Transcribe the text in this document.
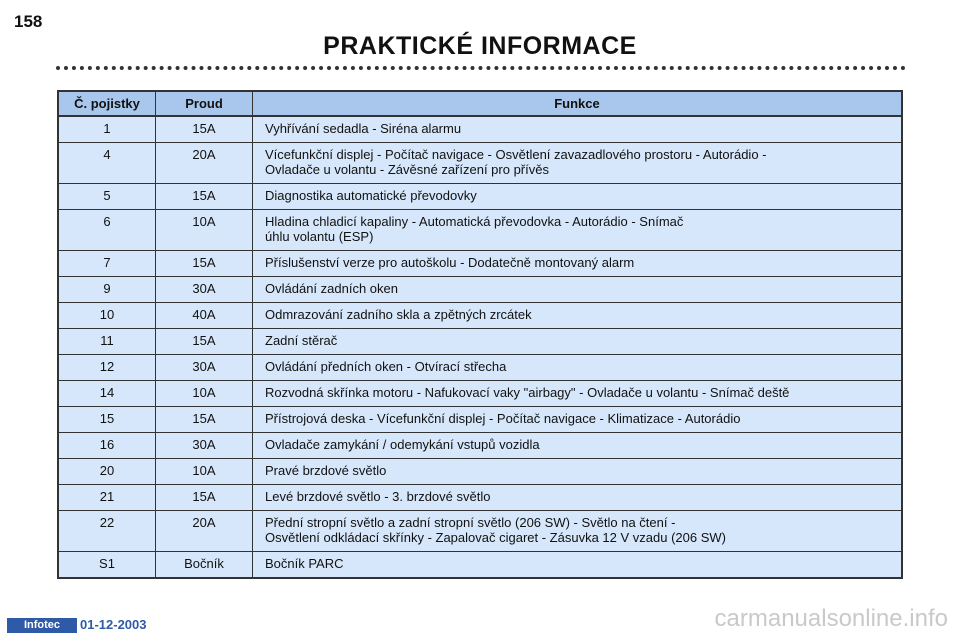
158
PRAKTICKÉ INFORMACE
Č. pojistky	Proud	Funkce
1	15A	Vyhřívání sedadla - Siréna alarmu

4	20A	Vícefunkční displej - Počítač navigace - Osvětlení zavazadlového prostoru - Autorádio -
Ovladače u volantu - Závěsné zařízení pro přívěs

5	15A	Diagnostika automatické převodovky

6	10A	Hladina chladicí kapaliny - Automatická převodovka - Autorádio - Snímač
úhlu volantu (ESP)

7	15A	Příslušenství verze pro autoškolu - Dodatečně montovaný alarm

9	30A	Ovládání zadních oken

10	40A	Odmrazování zadního skla a zpětných zrcátek

11	15A	Zadní stěrač

12	30A	Ovládání předních oken - Otvírací střecha

14	10A	Rozvodná skřínka motoru - Nafukovací vaky "airbagy" - Ovladače u volantu - Snímač deště

15	15A	Přístrojová deska - Vícefunkční displej - Počítač navigace - Klimatizace - Autorádio

16	30A	Ovladače zamykání / odemykání vstupů vozidla

20	10A	Pravé brzdové světlo

21	15A	Levé brzdové světlo - 3. brzdové světlo

22	20A	Přední stropní světlo a zadní stropní světlo (206 SW) - Světlo na čtení -
Osvětlení odkládací skřínky - Zapalovač cigaret - Zásuvka 12 V vzadu (206 SW)

S1	Bočník	Bočník PARC
Infotec	01-12-2003	carmanualsonline.info
